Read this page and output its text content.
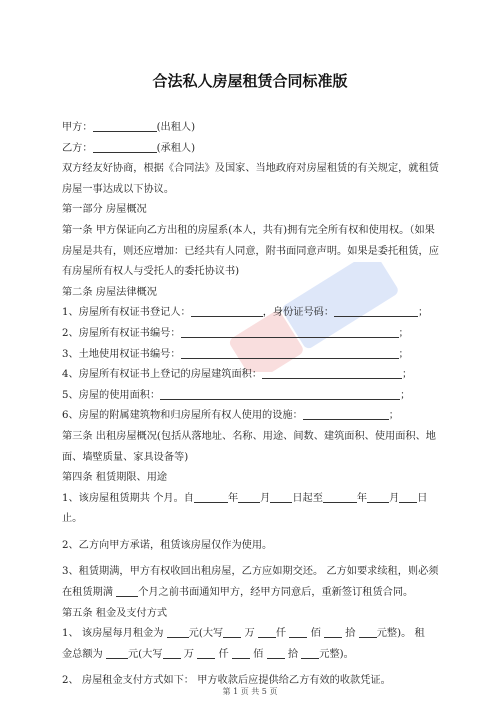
合法私人房屋租赁合同标准版
甲方：	(出租人)
乙方：	(承租人)
双方经友好协商，根据《合同法》及国家、当地政府对房屋租赁的有关规定，就租赁
房屋一事达成以下协议。
第一部分 房屋概况
第一条 甲方保证向乙方出租的房屋系(本人，共有)拥有完全所有权和使用权。（如果
房屋是共有，则还应增加：已经共有人同意，附书面同意声明。如果是委托租赁，应
有房屋所有权人与受托人的委托协议书)
第二条 房屋法律概况
1、房屋所有权证书登记人：	，身份证号码：	；
2、房屋所有权证书编号：	；
3、土地使用权证书编号：	；
4、房屋所有权证书上登记的房屋建筑面积：	；
5、房屋的使用面积：	；
6、房屋的附属建筑物和归房屋所有权人使用的设施：	；
第三条 出租房屋概况(包括从落地址、名称、用途、间数、建筑面积、使用面积、地
面、墙壁质量、家具设备等)
第四条 租赁期限、用途
1、该房屋租赁期共 个月。自	年 月 日起至	年 月 日
止。
2、乙方向甲方承诺，租赁该房屋仅作为使用。
3、租赁期满，甲方有权收回出租房屋，乙方应如期交还。 乙方如要求续租，则必须
在租赁期满 个月之前书面通知甲方，经甲方同意后，重新签订租赁合同。
第五条 租金及支付方式
1、 该房屋每月租金为 元(大写 万 仟 佰 拾 元整)。 租
金总额为 元(大写 万 仟 佰 拾 元整)。
2、 房屋租金支付方式如下： 甲方收款后应提供给乙方有效的收款凭证。
第 1 页 共 5 页
